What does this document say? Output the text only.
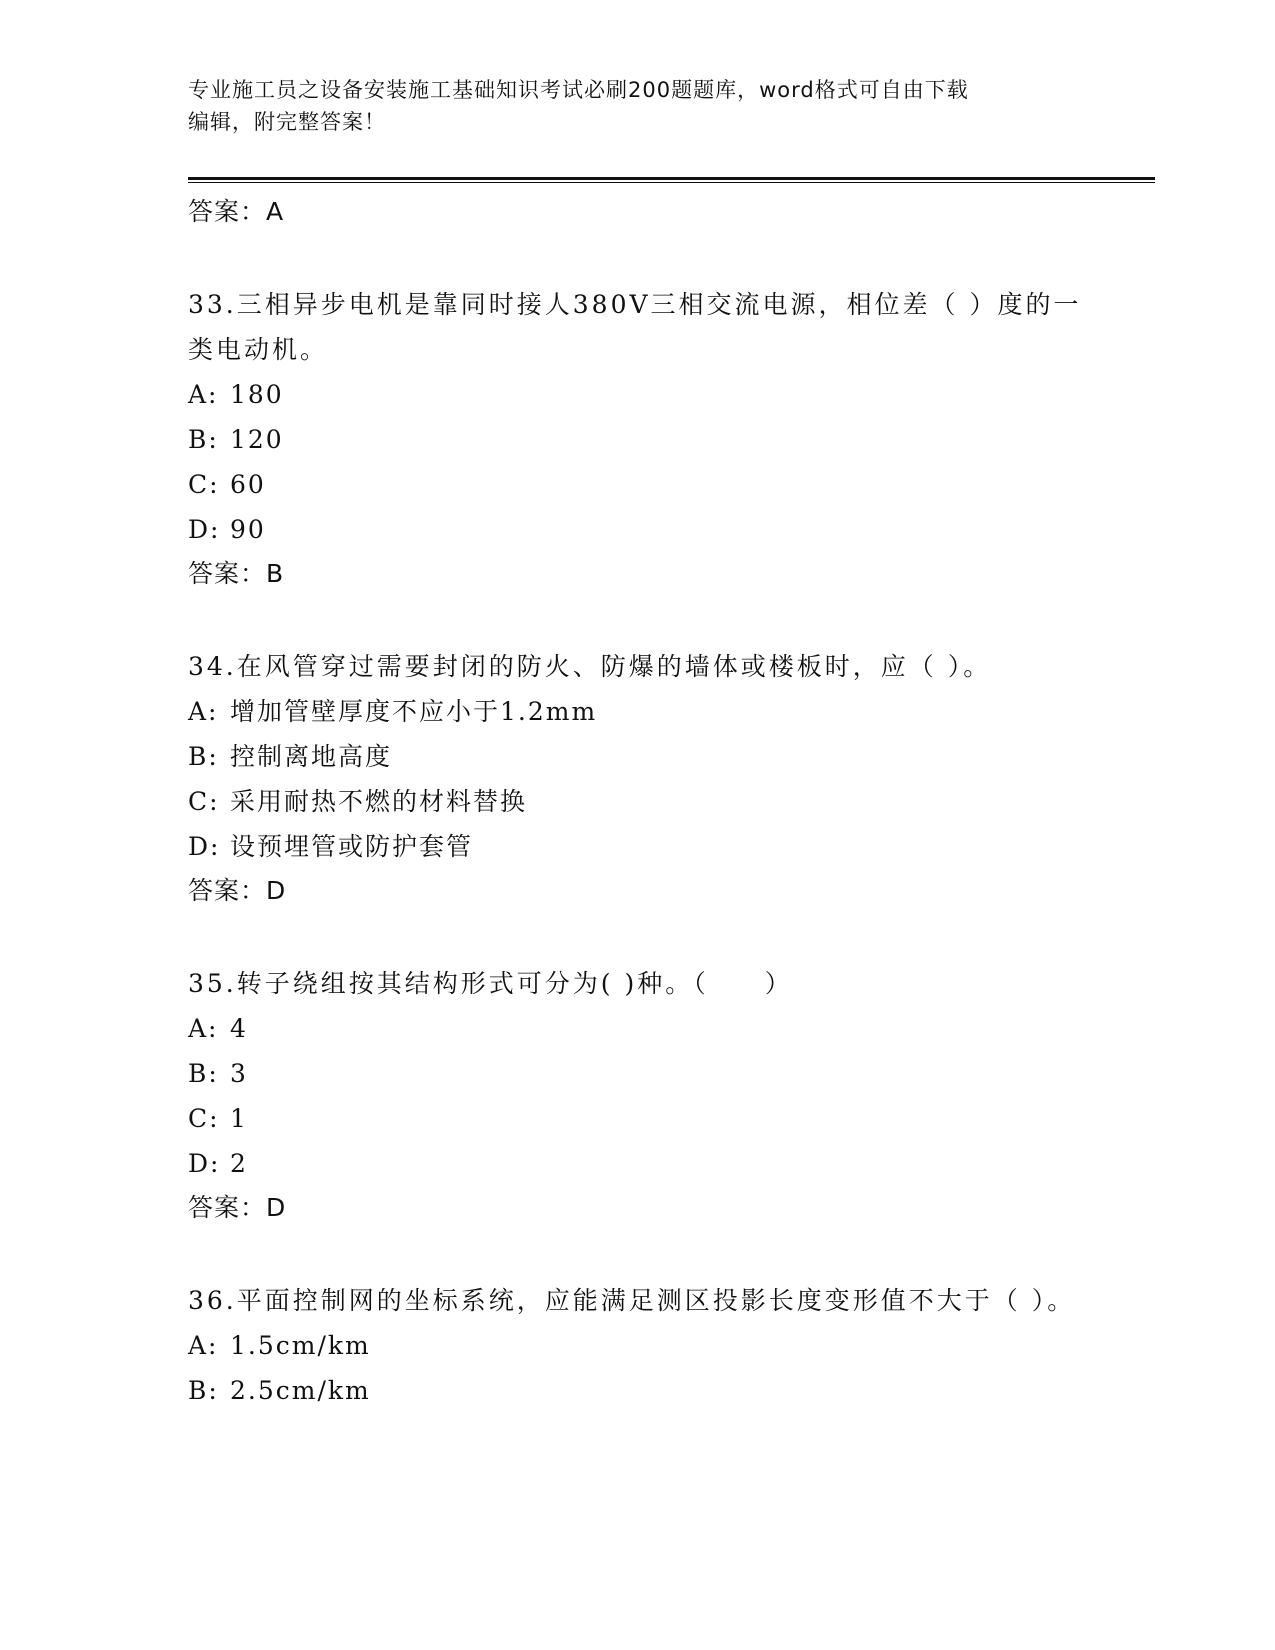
专业施工员之设备安装施工基础知识考试必刷200题题库，word格式可自由下载
编辑，附完整答案！
答案：A
33.三相异步电机是靠同时接人380V三相交流电源，相位差（ ）度的一类电动机。
A: 180
B: 120
C: 60
D: 90
答案：B
34.在风管穿过需要封闭的防火、防爆的墙体或楼板时，应（ ）。
A: 增加管壁厚度不应小于1.2mm
B: 控制离地高度
C: 采用耐热不燃的材料替换
D: 设预埋管或防护套管
答案：D
35.转子绕组按其结构形式可分为( )种。（　　）
A: 4
B: 3
C: 1
D: 2
答案：D
36.平面控制网的坐标系统，应能满足测区投影长度变形值不大于（ ）。
A: 1.5cm/km
B: 2.5cm/km
